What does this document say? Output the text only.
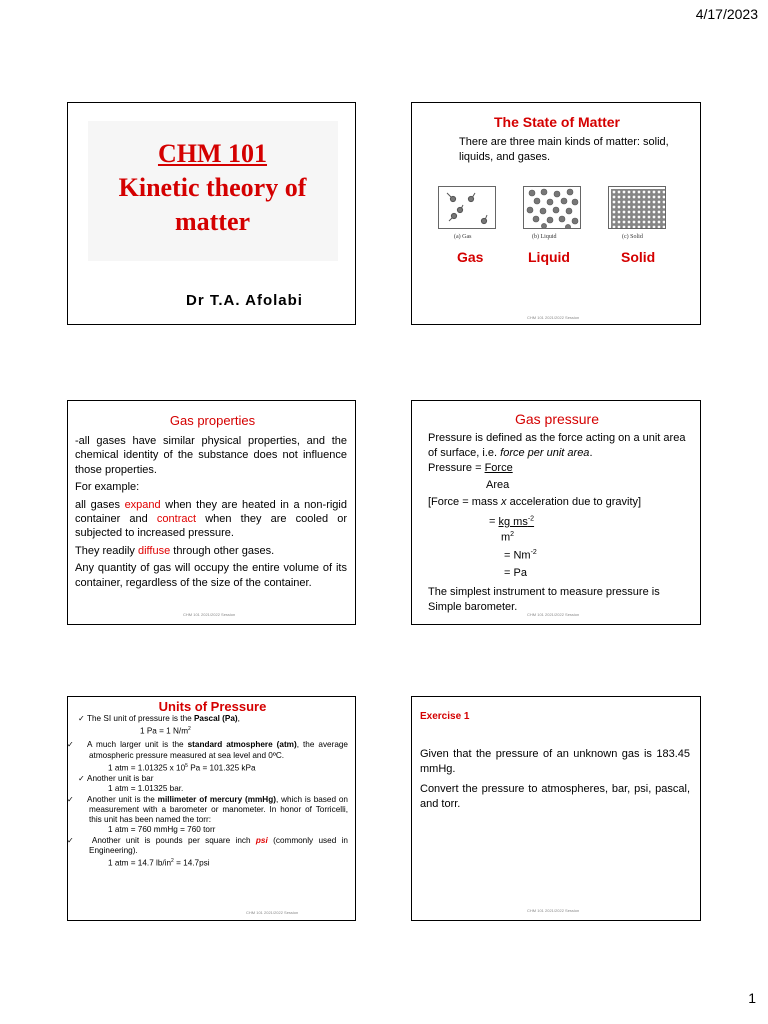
4/17/2023
1
CHM 101
Kinetic theory of
matter
Dr T.A. Afolabi
The State of Matter
There are three main kinds of matter: solid, liquids, and gases.
(a) Gas	(b) Liquid	(c) Solid
Gas	Liquid	Solid
CHM 101 2021/2022 Session
Gas properties

-all gases have similar physical properties, and the chemical identity of the substance does not influence those properties.

For example:

all gases expand when they are heated in a non-rigid container and contract when they are cooled or subjected to increased pressure.

They readily diffuse through other gases.

Any quantity of gas will occupy the entire volume of its container, regardless of the size of the container.

CHM 101 2021/2022 Session
Gas pressure
Pressure is defined as the force acting on a unit area of surface, i.e. force per unit area.
Pressure = Force
Area
[Force = mass x acceleration due to gravity]
= kg $ms^{-2}$
$m^2$
= $Nm^{-2}$
= Pa
The simplest instrument to measure pressure is Simple barometer.
CHM 101 2021/2022 Session
Units of Pressure

✓ The SI unit of pressure is the Pascal (Pa),

1 Pa = 1 $N/m^2$

✓ A much larger unit is the standard atmosphere (atm), the average atmospheric pressure measured at sea level and 0ºC.

1 atm = 1.01325 x $10^5$ Pa = 101.325 kPa

✓ Another unit is bar

1 atm = 1.01325 bar.

✓ Another unit is the millimeter of mercury (mmHg), which is based on measurement with a barometer or manometer. In honor of Torricelli, this unit has been named the torr:

1 atm = 760 mmHg = 760 torr

✓ Another unit is pounds per square inch psi (commonly used in Engineering).

1 atm = 14.7 $lb/in^2 = 14.7psi$

CHM 101 2021/2022 Session
Exercise 1

Given that the pressure of an unknown gas is 183.45 mmHg.

Convert the pressure to atmospheres, bar, psi, pascal, and torr.

CHM 101 2021/2022 Session
